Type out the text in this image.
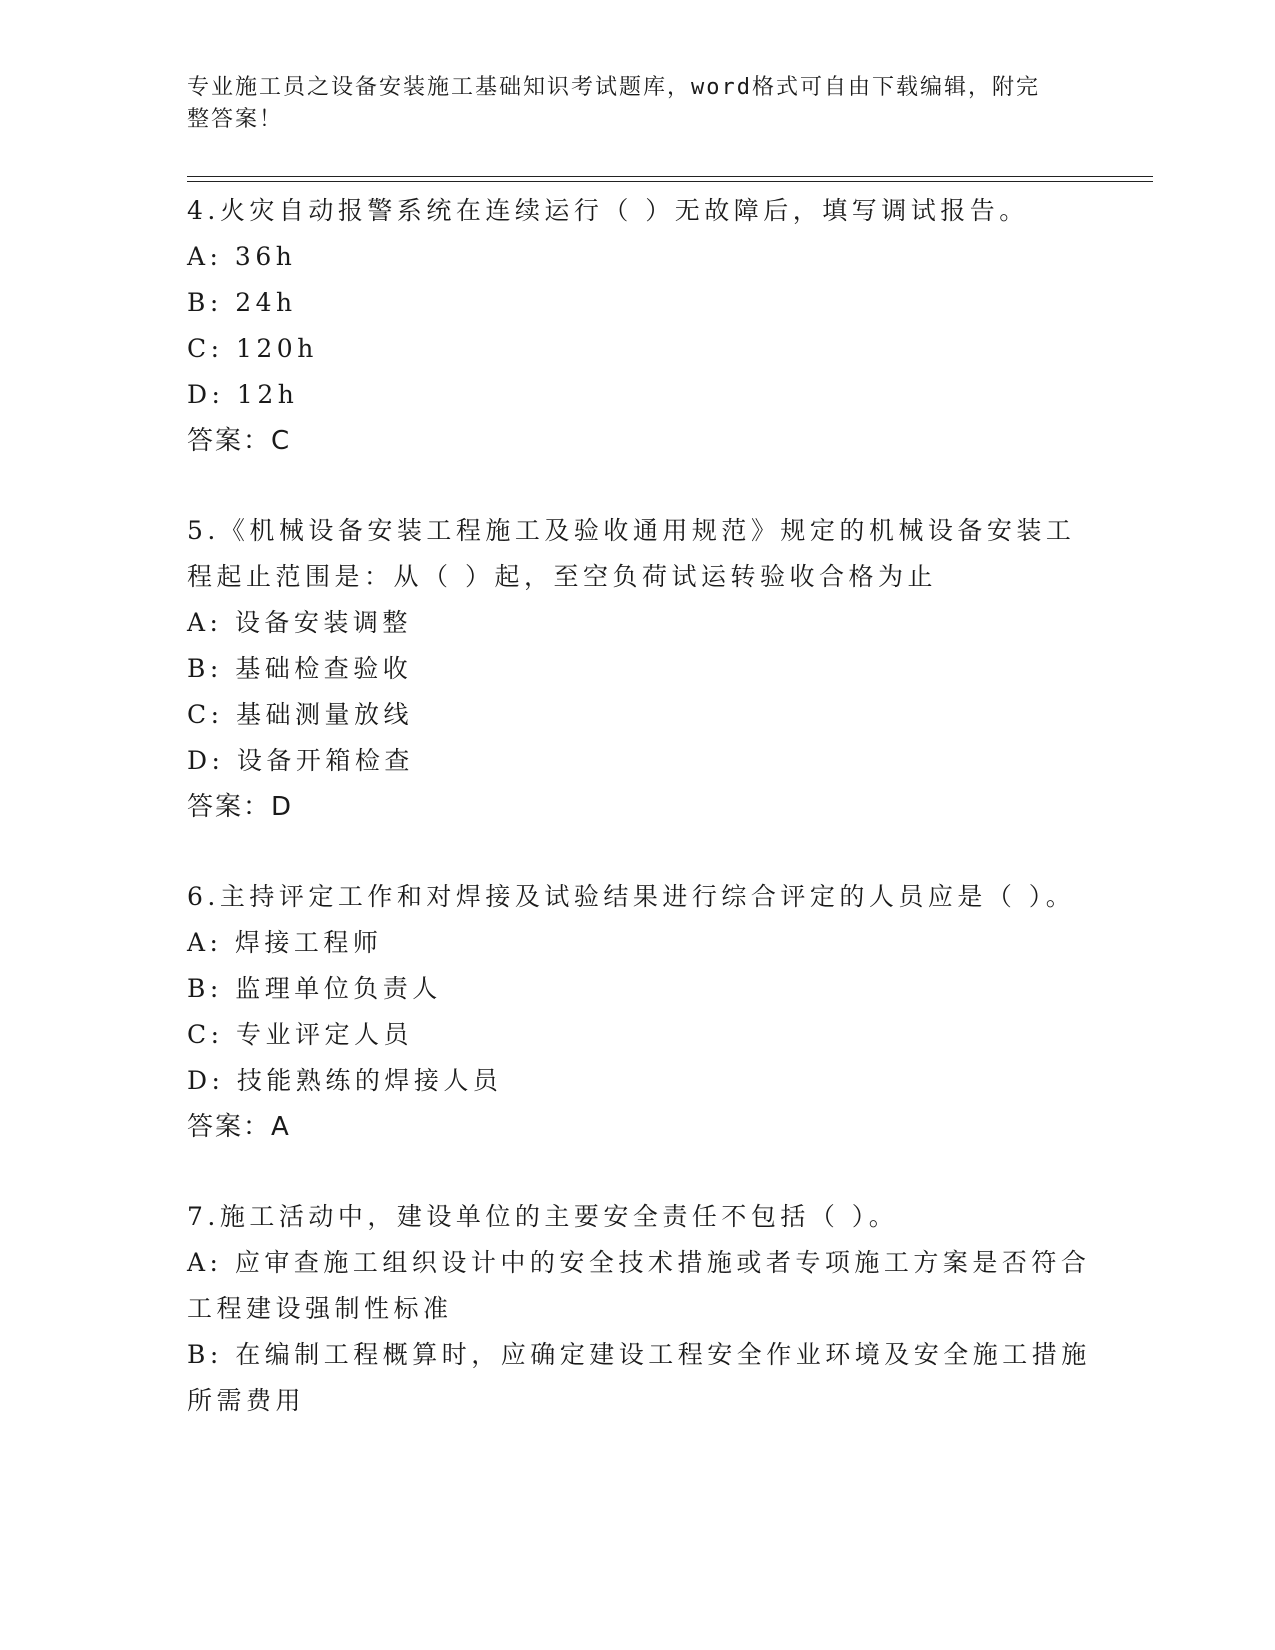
专业施工员之设备安装施工基础知识考试题库，word格式可自由下载编辑，附完
整答案！
4.火灾自动报警系统在连续运行（ ）无故障后，填写调试报告。
A: 36h
B: 24h
C: 120h
D: 12h
答案：C
5.《机械设备安装工程施工及验收通用规范》规定的机械设备安装工
程起止范围是：从（ ）起，至空负荷试运转验收合格为止
A: 设备安装调整
B: 基础检查验收
C: 基础测量放线
D: 设备开箱检查
答案：D
6.主持评定工作和对焊接及试验结果进行综合评定的人员应是（ ）。
A: 焊接工程师
B: 监理单位负责人
C: 专业评定人员
D: 技能熟练的焊接人员
答案：A
7.施工活动中，建设单位的主要安全责任不包括（ ）。
A: 应审查施工组织设计中的安全技术措施或者专项施工方案是否符合
工程建设强制性标准
B: 在编制工程概算时，应确定建设工程安全作业环境及安全施工措施
所需费用
